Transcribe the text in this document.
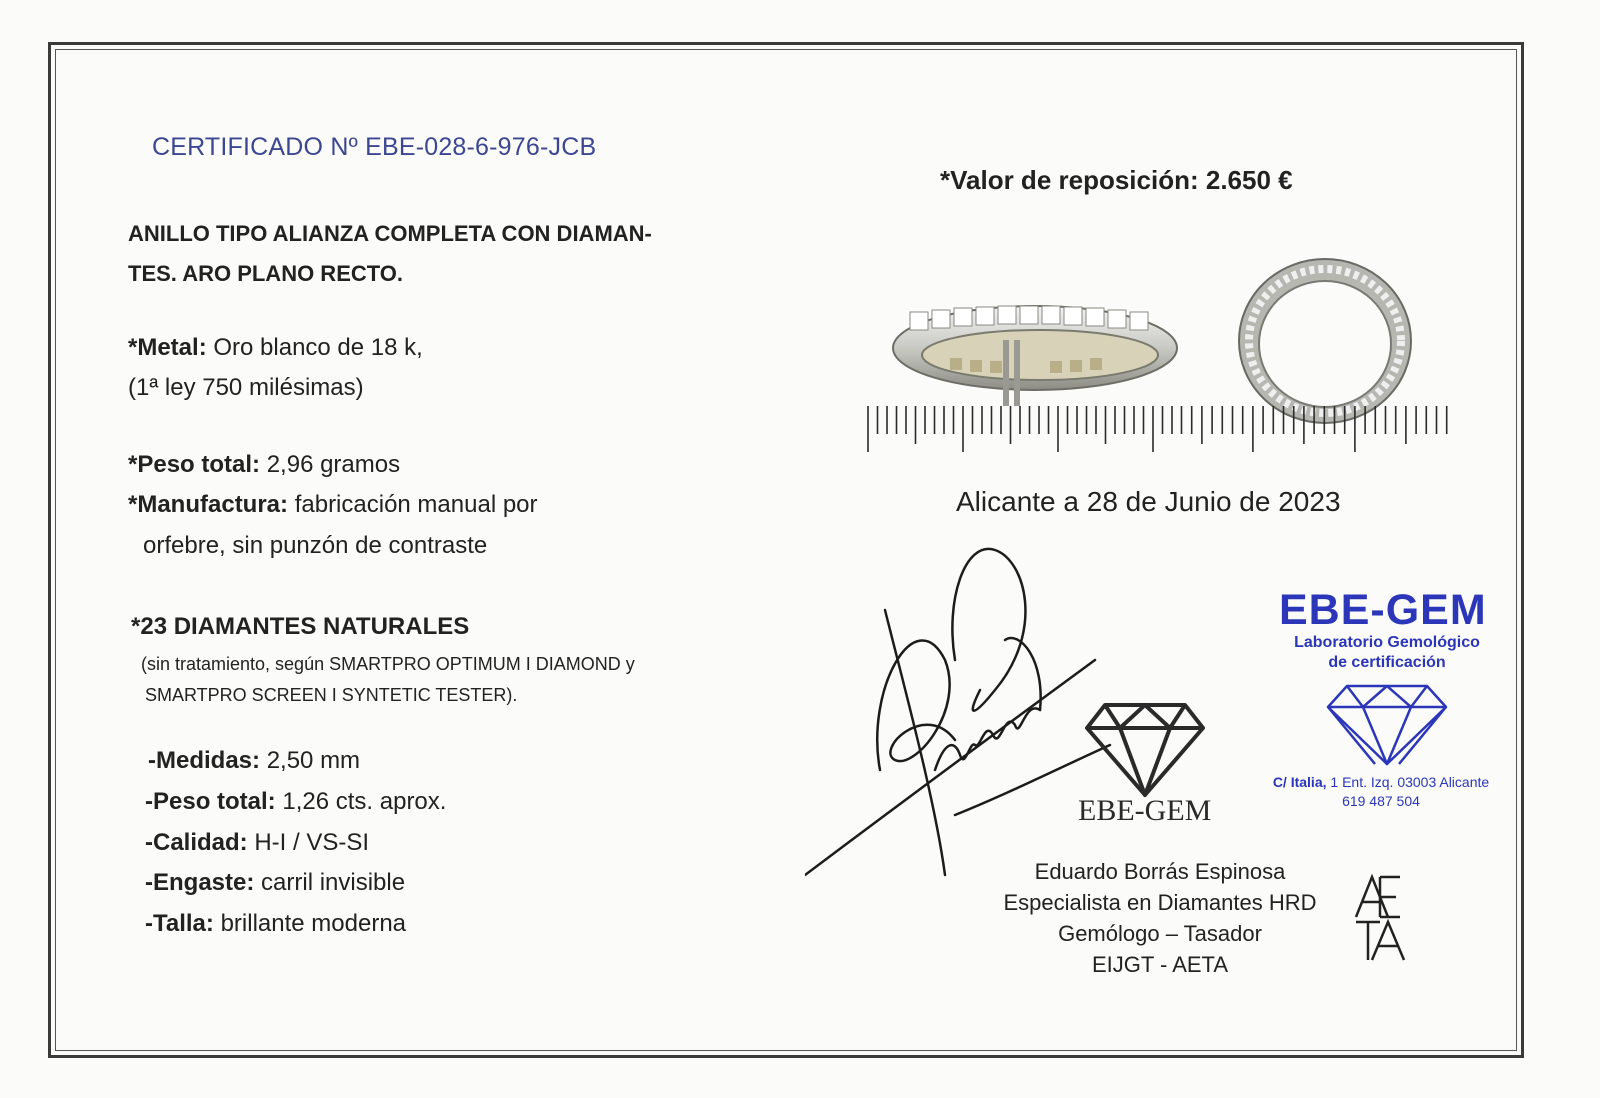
CERTIFICADO Nº EBE-028-6-976-JCB
ANILLO TIPO ALIANZA COMPLETA CON DIAMAN-
TES. ARO PLANO RECTO.
*Metal: Oro blanco de 18 k,
(1ª ley 750 milésimas)
*Peso total: 2,96 gramos
*Manufactura: fabricación manual por
orfebre, sin punzón de contraste
*23 DIAMANTES NATURALES
(sin tratamiento, según SMARTPRO OPTIMUM I DIAMOND y
SMARTPRO SCREEN I SYNTETIC TESTER).
-Medidas: 2,50 mm
-Peso total: 1,26 cts. aprox.
-Calidad: H-I / VS-SI
-Engaste: carril invisible
-Talla: brillante moderna
*Valor de reposición: 2.650 €
Alicante a 28 de Junio de 2023
EBE-GEM
Eduardo Borrás Espinosa
Especialista en Diamantes HRD
Gemólogo – Tasador
EIJGT - AETA
EBE-GEM
Laboratorio Gemológico
de certificación
C/ Italia, 1 Ent. Izq. 03003 Alicante
619 487 504
